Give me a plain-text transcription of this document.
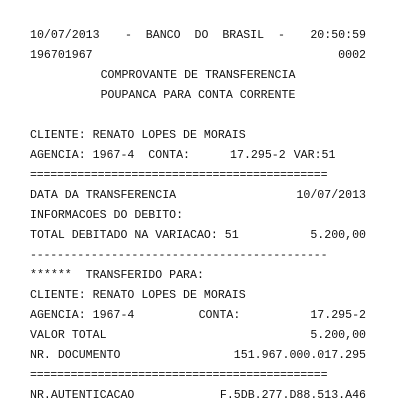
10/07/2013 -  BANCO  DO  BRASIL  - 20:50:59
196701967	0002
COMPROVANTE DE TRANSFERENCIA
POUPANCA PARA CONTA CORRENTE
CLIENTE: RENATO LOPES DE MORAIS
AGENCIA: 1967-4  CONTA:	17.295-2 VAR:51
============================================
DATA DA TRANSFERENCIA	10/07/2013
INFORMACOES DO DEBITO:
TOTAL DEBITADO NA VARIACAO: 51	5.200,00
--------------------------------------------
******  TRANSFERIDO PARA:
CLIENTE: RENATO LOPES DE MORAIS
AGENCIA: 1967-4	CONTA:	17.295-2
VALOR TOTAL	5.200,00
NR. DOCUMENTO	151.967.000.017.295
============================================
NR.AUTENTICACAO	F.5DB.277.D88.513.A46
